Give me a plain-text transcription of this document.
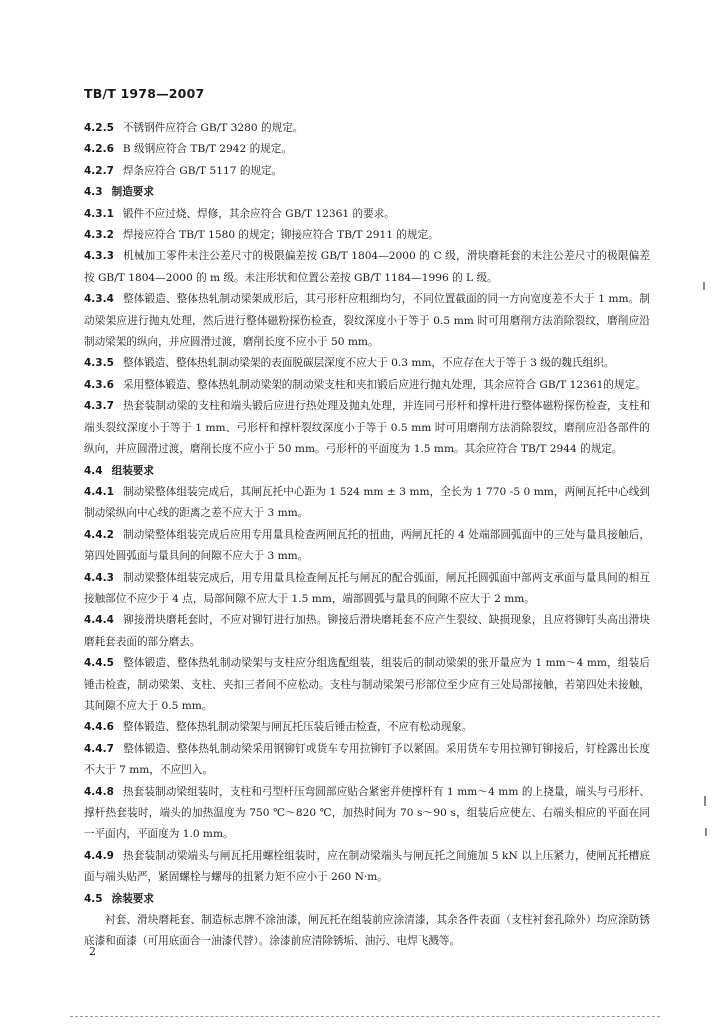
TB/T 1978—2007

4.2.5 不锈钢件应符合 GB/T 3280 的规定。

4.2.6 B 级钢应符合 TB/T 2942 的规定。

4.2.7 焊条应符合 GB/T 5117 的规定。

4.3 制造要求

4.3.1 锻件不应过烧、焊修，其余应符合 GB/T 12361 的要求。

4.3.2 焊接应符合 TB/T 1580 的规定；铆接应符合 TB/T 2911 的规定。

4.3.3 机械加工零件未注公差尺寸的极限偏差按 GB/T 1804—2000 的 C 级，滑块磨耗套的未注公差尺寸的极限偏差按 GB/T 1804—2000 的 m 级。未注形状和位置公差按 GB/T 1184—1996 的 L 级。

4.3.4 整体锻造、整体热轧制动梁架成形后，其弓形杆应粗细均匀，不同位置截面的同一方向宽度差不大于 1 mm。制动梁架应进行抛丸处理，然后进行整体磁粉探伤检查，裂纹深度小于等于 0.5 mm 时可用磨削方法消除裂纹，磨削应沿制动梁架的纵向，并应圆滑过渡，磨削长度不应小于 50 mm。

4.3.5 整体锻造、整体热轧制动梁架的表面脱碳层深度不应大于 0.3 mm，不应存在大于等于 3 级的魏氏组织。

4.3.6 采用整体锻造、整体热轧制动梁架的制动梁支柱和夹扣锻后应进行抛丸处理，其余应符合 GB/T 12361的规定。

4.3.7 热套装制动梁的支柱和端头锻后应进行热处理及抛丸处理，并连同弓形杆和撑杆进行整体磁粉探伤检查，支柱和端头裂纹深度小于等于 1 mm、弓形杆和撑杆裂纹深度小于等于 0.5 mm 时可用磨削方法消除裂纹，磨削应沿各部件的纵向，并应圆滑过渡，磨削长度不应小于 50 mm。弓形杆的平面度为 1.5 mm。其余应符合 TB/T 2944 的规定。

4.4 组装要求

4.4.1 制动梁整体组装完成后，其闸瓦托中心距为 1 524 mm ± 3 mm，全长为 1 770 -5 0 mm，两闸瓦托中心线到制动梁纵向中心线的距离之差不应大于 3 mm。

4.4.2 制动梁整体组装完成后应用专用量具检查两闸瓦托的扭曲，两闸瓦托的 4 处端部圆弧面中的三处与量具接触后，第四处圆弧面与量具间的间隙不应大于 3 mm。

4.4.3 制动梁整体组装完成后，用专用量具检查闸瓦托与闸瓦的配合弧面，闸瓦托圆弧面中部两支承面与量具间的相互接触部位不应少于 4 点，局部间隙不应大于 1.5 mm，端部圆弧与量具的间隙不应大于 2 mm。

4.4.4 铆接滑块磨耗套时，不应对铆钉进行加热。铆接后滑块磨耗套不应产生裂纹、缺损现象，且应将铆钉头高出滑块磨耗套表面的部分磨去。

4.4.5 整体锻造、整体热轧制动梁架与支柱应分组选配组装，组装后的制动梁架的张开量应为 1 mm～4 mm，组装后锤击检查，制动梁架、支柱、夹扣三者间不应松动。支柱与制动梁架弓形部位至少应有三处局部接触，若第四处未接触，其间隙不应大于 0.5 mm。

4.4.6 整体锻造、整体热轧制动梁架与闸瓦托压装后锤击检查，不应有松动现象。

4.4.7 整体锻造、整体热轧制动梁采用钢铆钉或货车专用拉铆钉予以紧固。采用货车专用拉铆钉铆接后，钉栓露出长度不大于 7 mm，不应凹入。

4.4.8 热套装制动梁组装时，支柱和弓型杆压弯圆部应贴合紧密并使撑杆有 1 mm～4 mm 的上挠量，端头与弓形杆、撑杆热套装时，端头的加热温度为 750 ℃～820 ℃，加热时间为 70 s～90 s，组装后应使左、右端头相应的平面在同一平面内，平面度为 1.0 mm。

4.4.9 热套装制动梁端头与闸瓦托用螺栓组装时，应在制动梁端头与闸瓦托之间施加 5 kN 以上压紧力，使闸瓦托槽底面与端头贴严，紧固螺栓与螺母的扭紧力矩不应小于 260 N·m。

4.5 涂装要求

衬套、滑块磨耗套、制造标志牌不涂油漆，闸瓦托在组装前应涂清漆，其余各件表面（支柱衬套孔除外）均应涂防锈底漆和面漆（可用底面合一油漆代替）。涂漆前应清除锈垢、油污、电焊飞溅等。

2
